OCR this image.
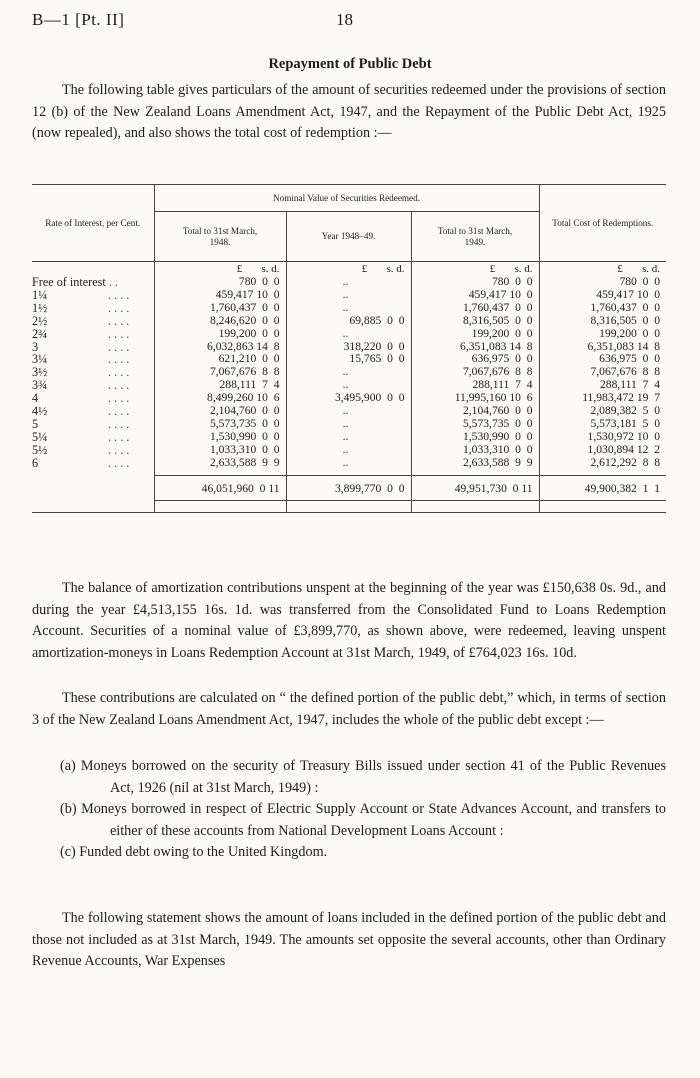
B—1 [Pt. II]	18
Repayment of Public Debt
The following table gives particulars of the amount of securities redeemed under the provisions of section 12 (b) of the New Zealand Loans Amendment Act, 1947, and the Repayment of the Public Debt Act, 1925 (now repealed), and also shows the total cost of redemption :—
Rate of Interest, per Cent.	Nominal Value of Securities Redeemed.			Total Cost of Redemptions.
	Total to 31st March, 1948.	Year 1948–49.	Total to 31st March, 1949.	
	£ s. d.	£ s. d.	£ s. d.	£ s. d.
Free of interest . .	780  0  0	..	780  0  0	780  0  0
1¼ . . . .	459,417 10  0	..	459,417 10  0	459,417 10  0
1½ . . . .	1,760,437  0  0	..	1,760,437  0  0	1,760,437  0  0
2½ . . . .	8,246,620  0  0	69,885  0  0	8,316,505  0  0	8,316,505  0  0
2¾ . . . .	199,200  0  0	..	199,200  0  0	199,200  0  0
3 . . . .	6,032,863 14  8	318,220  0  0	6,351,083 14  8	6,351,083 14  8
3¼ . . . .	621,210  0  0	15,765  0  0	636,975  0  0	636,975  0  0
3½ . . . .	7,067,676  8  8	..	7,067,676  8  8	7,067,676  8  8
3¾ . . . .	288,111  7  4	..	288,111  7  4	288,111  7  4
4 . . . .	8,499,260 10  6	3,495,900  0  0	11,995,160 10  6	11,983,472 19  7
4½ . . . .	2,104,760  0  0	..	2,104,760  0  0	2,089,382  5  0
5 . . . .	5,573,735  0  0	..	5,573,735  0  0	5,573,181  5  0
5¼ . . . .	1,530,990  0  0	..	1,530,990  0  0	1,530,972 10  0
5½ . . . .	1,033,310  0  0	..	1,033,310  0  0	1,030,894 12  2
6 . . . .	2,633,588  9  9	..	2,633,588  9  9	2,612,292  8  8

	46,051,960  0 11	3,899,770  0  0	49,951,730  0 11	49,900,382  1  1

The balance of amortization contributions unspent at the beginning of the year was £150,638 0s. 9d., and during the year £4,513,155 16s. 1d. was transferred from the Consolidated Fund to Loans Redemption Account. Securities of a nominal value of £3,899,770, as shown above, were redeemed, leaving unspent amortization-moneys in Loans Redemption Account at 31st March, 1949, of £764,023 16s. 10d.
These contributions are calculated on “ the defined portion of the public debt,” which, in terms of section 3 of the New Zealand Loans Amendment Act, 1947, includes the whole of the public debt except :—
(a) Moneys borrowed on the security of Treasury Bills issued under section 41 of the Public Revenues Act, 1926 (nil at 31st March, 1949) :
(b) Moneys borrowed in respect of Electric Supply Account or State Advances Account, and transfers to either of these accounts from National Development Loans Account :
(c) Funded debt owing to the United Kingdom.
The following statement shows the amount of loans included in the defined portion of the public debt and those not included as at 31st March, 1949. The amounts set opposite the several accounts, other than Ordinary Revenue Accounts, War Expenses
